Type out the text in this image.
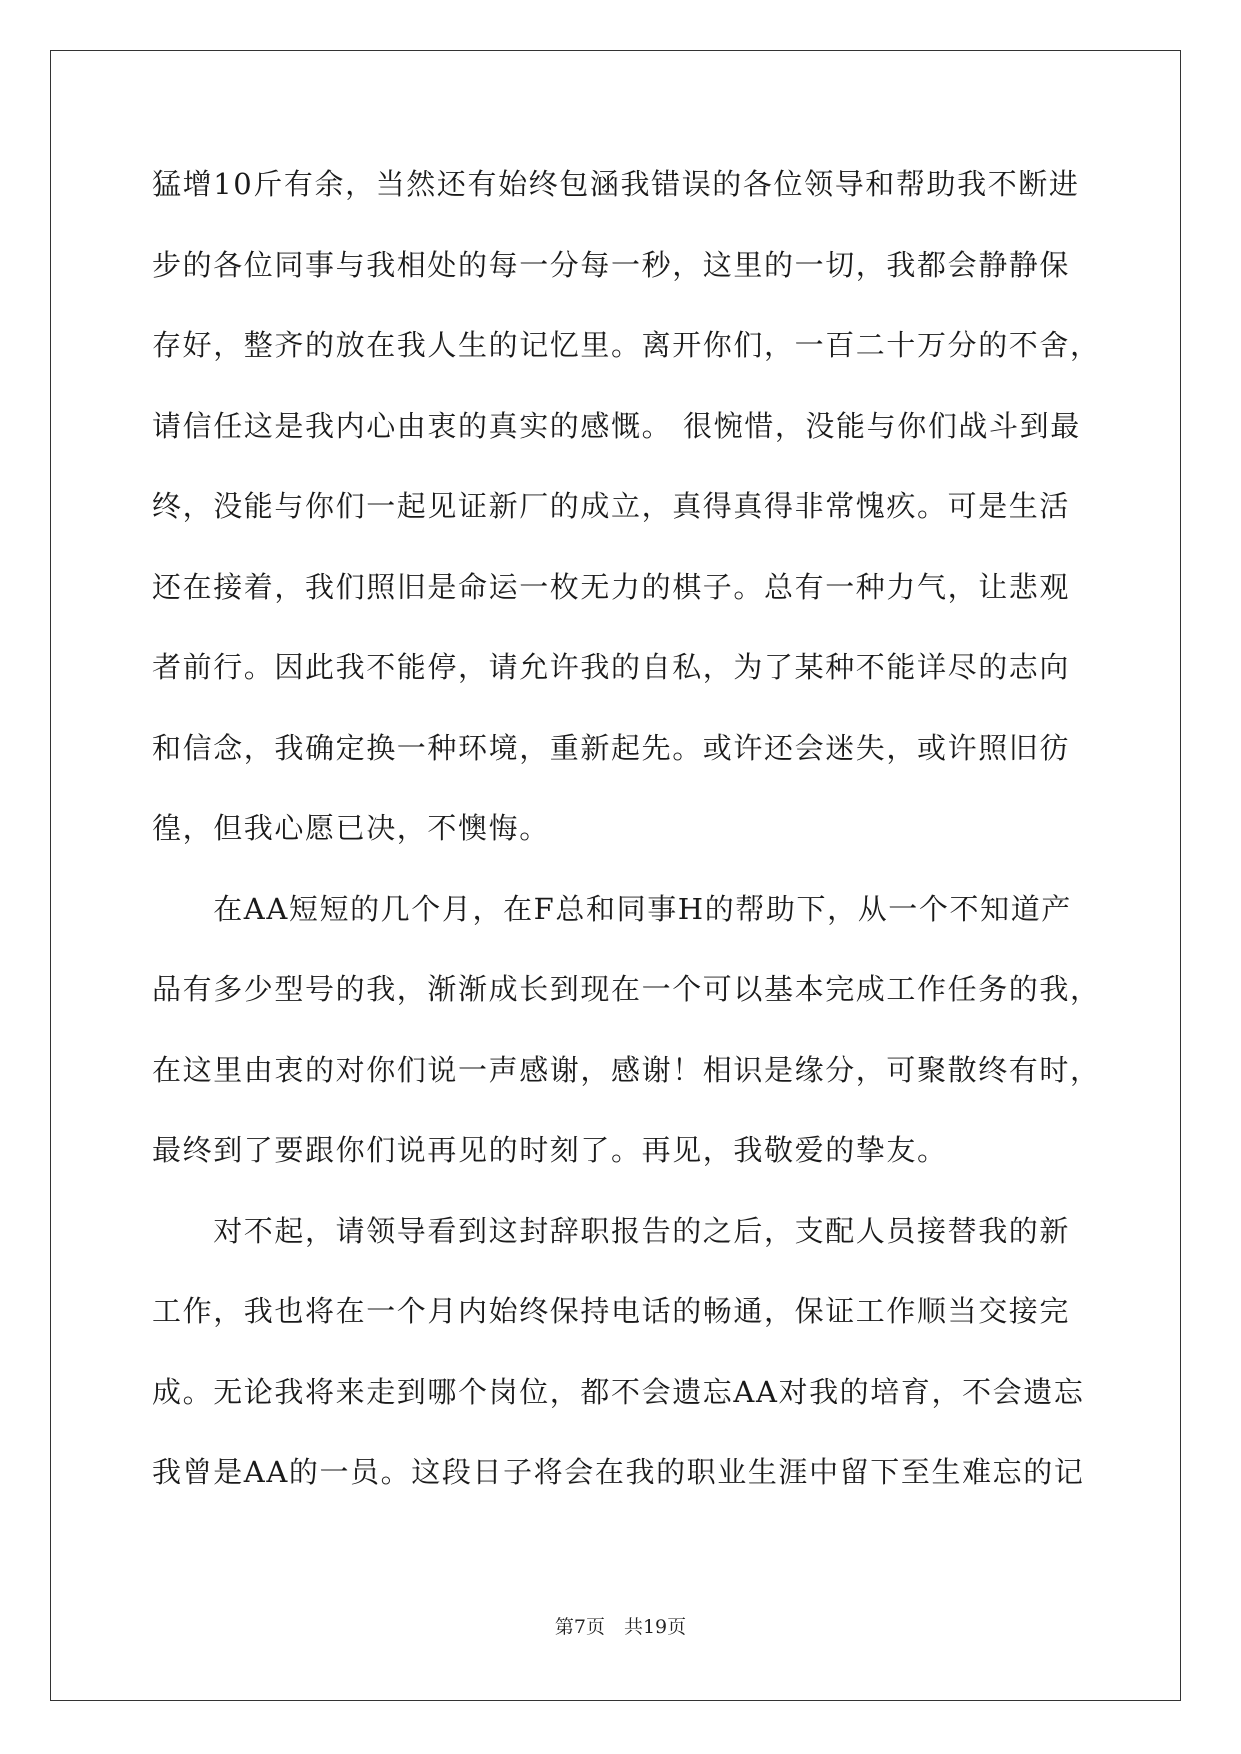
猛增10斤有余，当然还有始终包涵我错误的各位领导和帮助我不断进
步的各位同事与我相处的每一分每一秒，这里的一切，我都会静静保
存好，整齐的放在我人生的记忆里。离开你们，一百二十万分的不舍，
请信任这是我内心由衷的真实的感慨。 很惋惜，没能与你们战斗到最
终，没能与你们一起见证新厂的成立，真得真得非常愧疚。可是生活
还在接着，我们照旧是命运一枚无力的棋子。总有一种力气，让悲观
者前行。因此我不能停，请允许我的自私，为了某种不能详尽的志向
和信念，我确定换一种环境，重新起先。或许还会迷失，或许照旧彷
徨，但我心愿已决，不懊悔。
　　在AA短短的几个月，在F总和同事H的帮助下，从一个不知道产
品有多少型号的我，渐渐成长到现在一个可以基本完成工作任务的我，
在这里由衷的对你们说一声感谢，感谢！相识是缘分，可聚散终有时，
最终到了要跟你们说再见的时刻了。再见，我敬爱的挚友。
　　对不起，请领导看到这封辞职报告的之后，支配人员接替我的新
工作，我也将在一个月内始终保持电话的畅通，保证工作顺当交接完
成。无论我将来走到哪个岗位，都不会遗忘AA对我的培育，不会遗忘
我曾是AA的一员。这段日子将会在我的职业生涯中留下至生难忘的记
第7页　共19页
